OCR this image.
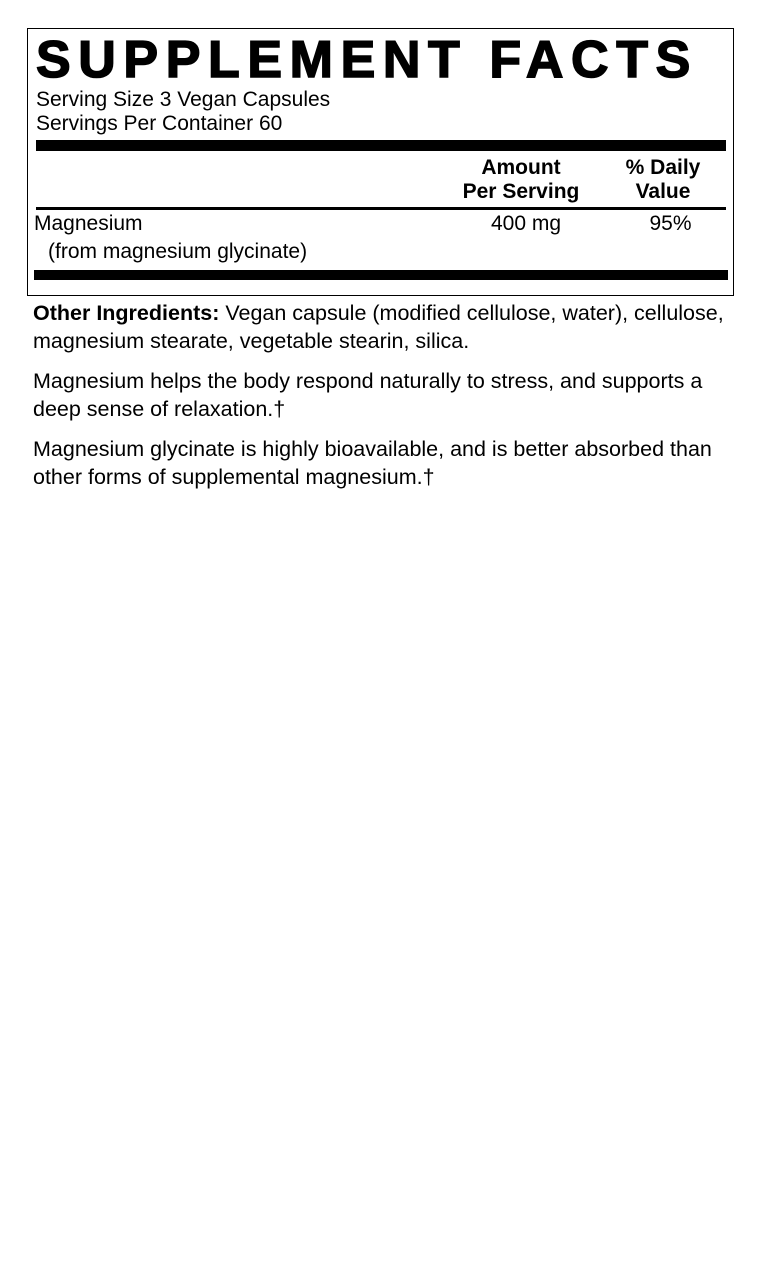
SUPPLEMENT FACTS
Serving Size 3 Vegan Capsules
Servings Per Container 60
Amount
Per Serving
% Daily
Value
Magnesium
(from magnesium glycinate)
400 mg	95%

Other Ingredients: Vegan capsule (modified cellulose, water), cellulose, magnesium stearate, vegetable stearin, silica.

Magnesium helps the body respond naturally to stress, and supports a deep sense of relaxation.†

Magnesium glycinate is highly bioavailable, and is better absorbed than other forms of supplemental magnesium.†
